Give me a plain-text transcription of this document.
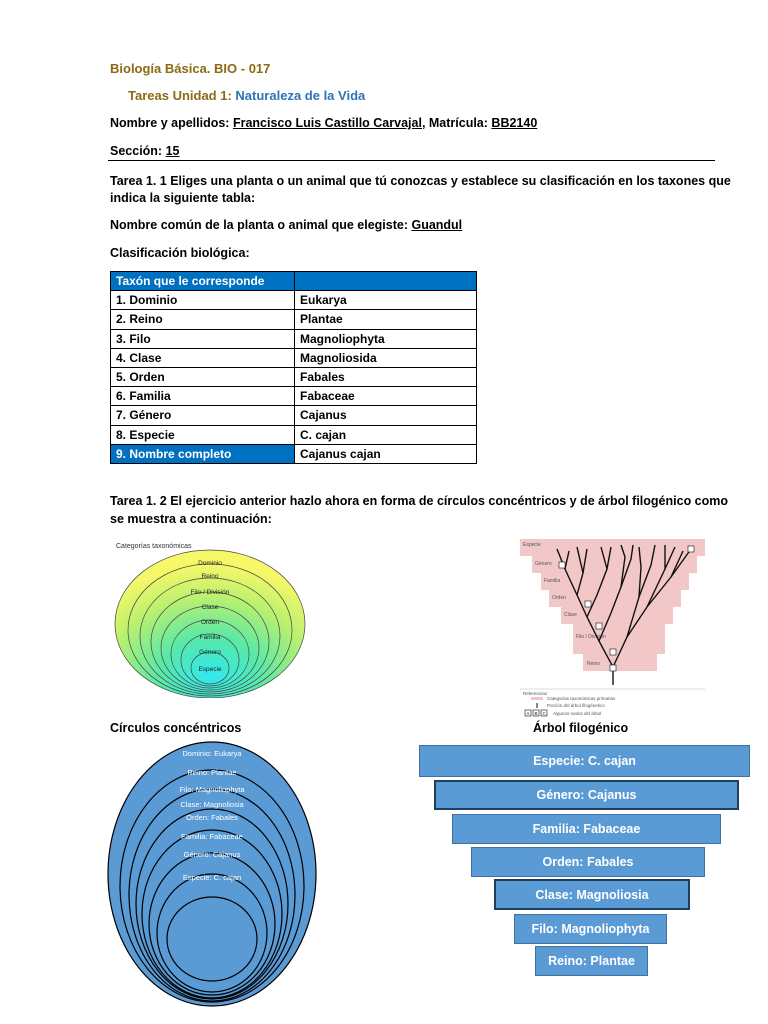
Biología Básica. BIO - 017
Tareas Unidad 1: Naturaleza de la Vida
Nombre y apellidos: Francisco Luis Castillo Carvajal, Matrícula: BB2140
Sección: 15
Tarea 1. 1 Eliges una planta o un animal que tú conozcas y establece su clasificación en los taxones que
indica la siguiente tabla:
Nombre común de la planta o animal que elegiste: Guandul
Clasificación biológica:
Taxón que le corresponde	
1. Dominio	Eukarya
2. Reino	Plantae
3. Filo	Magnoliophyta
4. Clase	Magnoliosida
5. Orden	Fabales
6. Familia	Fabaceae
7. Género	Cajanus
8. Especie	C. cajan
9. Nombre completo	Cajanus cajan
Tarea 1. 2 El ejercicio anterior hazlo ahora en forma de círculos concéntricos y de árbol filogénico como
se muestra a continuación:
Categorías taxonómicas
Dominio
Reino
Filo / División
Clase
Orden
Familia
Género
Especie
Especie
Género
Familia
Orden
Clase
Filo / División
Reino
Referencias
Categorías taxonómicas primarias
Porción del árbol filogénetico
A B C Algunos nodos del árbol
Círculos concéntricos	Árbol filogénico
Dominio: Eukarya
Reino: Plantae
Filo: Magnoliophyta
Clase: Magnoliosia
Orden: Fabales
Familia: Fabaceae
Género: Cajanus
Especie: C. cajan
Especie: C. cajan
Género: Cajanus
Familia: Fabaceae
Orden: Fabales
Clase: Magnoliosia
Filo: Magnoliophyta
Reino: Plantae
